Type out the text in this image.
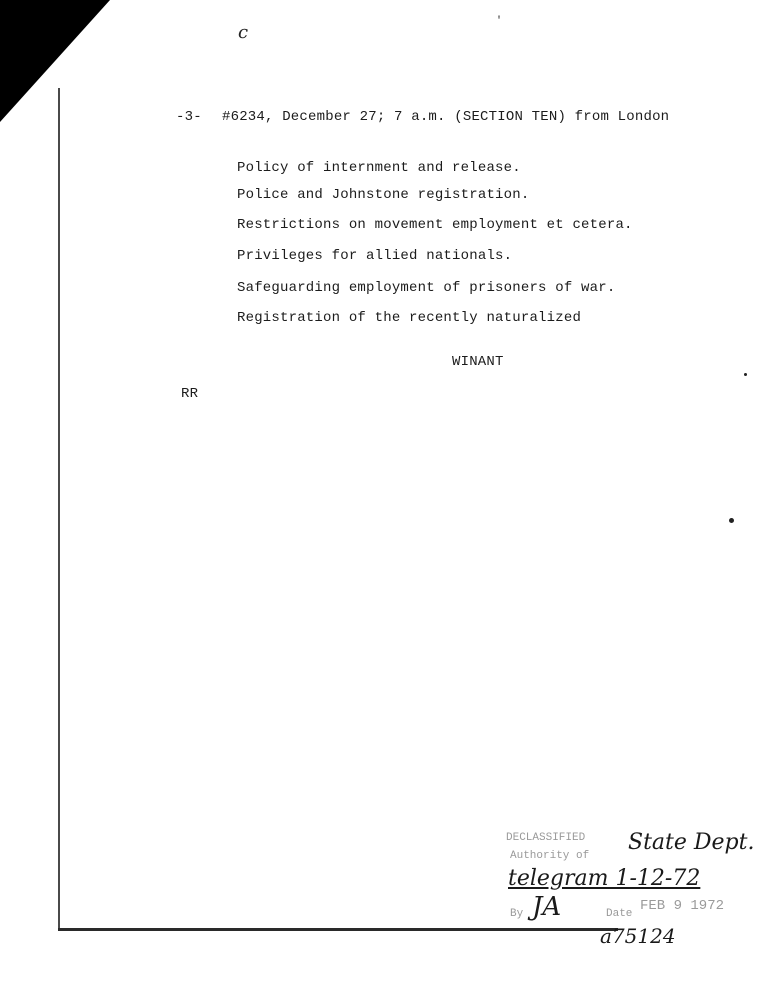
c
′
-3- #6234, December 27; 7 a.m. (SECTION TEN) from London
Policy of internment and release.
Police and Johnstone registration.
Restrictions on movement employment et cetera.
Privileges for allied nationals.
Safeguarding employment of prisoners of war.
Registration of the recently naturalized
WINANT
RR
DECLASSIFIED
Authority of
State Dept.
telegram 1-12-72
By JA	Date FEB 9 1972
a75124
